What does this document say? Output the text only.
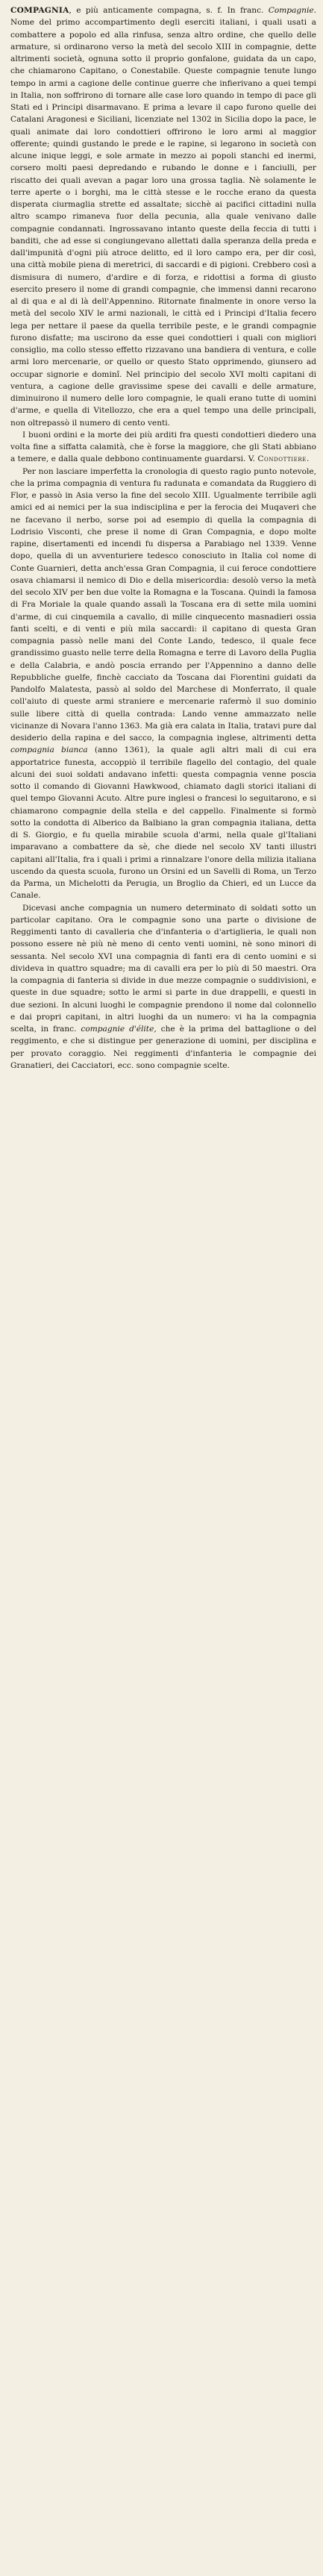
COMPAGNIA, e più anticamente compagna, s. f. In franc. Compagnie. Nome del primo accompartimento degli eserciti italiani, i quali usati a combattere a popolo ed alla rinfusa, senza altro ordine, che quello delle armature, si ordinarono verso la metà del secolo XIII in compagnie, dette altrimenti società, ognuna sotto il proprio gonfalone, guidata da un capo, che chiamarono Capitano, o Conestabile. Queste compagnie tenute lungo tempo in armi a cagione delle continue guerre che infierivano a quei tempi in Italia, non soffrirono di tornare alle case loro quando in tempo di pace gli Stati ed i Principi disarmavano. E prima a levare il capo furono quelle dei Catalani Aragonesi e Siciliani, licenziate nel 1302 in Sicilia dopo la pace, le quali animate dai loro condottieri offrirono le loro armi al maggior offerente; quindi gustando le prede e le rapine, si legarono in società con alcune inique leggi, e sole armate in mezzo ai popoli stanchi ed inermi, corsero molti paesi depredando e rubando le donne e i fanciulli, per riscatto dei quali avevan a pagar loro una grossa taglia. Nè solamente le terre aperte o i borghi, ma le città stesse e le rocche erano da questa disperata ciurmaglia strette ed assaltate; sicchè ai pacifici cittadini nulla altro scampo rimaneva fuor della pecunia, alla quale venivano dalle compagnie condannati. Ingrossavano intanto queste della feccia di tutti i banditi, che ad esse si congiungevano allettati dalla speranza della preda e dall'impunità d'ogni più atroce delitto, ed il loro campo era, per dir così, una città mobile piena di meretrici, di saccardi e di pigioni. Crebbero così a dismisura di numero, d'ardire e di forza, e ridottisi a forma di giusto esercito presero il nome di grandi compagnie, che immensi danni recarono al di qua e al di là dell'Appennino. Ritornate finalmente in onore verso la metà del secolo XIV le armi nazionali, le città ed i Principi d'Italia fecero lega per nettare il paese da quella terribile peste, e le grandi compagnie furono disfatte; ma uscirono da esse quei condottieri i quali con migliori consiglio, ma collo stesso effetto rizzavano una bandiera di ventura, e colle armi loro mercenarie, or quello or questo Stato opprimendo, giunsero ad occupar signorie e dominî. Nel principio del secolo XVI molti capitani di ventura, a cagione delle gravissime spese dei cavalli e delle armature, diminuirono il numero delle loro compagnie, le quali erano tutte di uomini d'arme, e quella di Vitellozzo, che era a quel tempo una delle principali, non oltrepassò il numero di cento venti.

I buoni ordini e la morte dei più arditi fra questi condottieri diedero una volta fine a siffatta calamità, che è forse la maggiore, che gli Stati abbiano a temere, e dalla quale debbono continuamente guardarsi. V. Condottiere.

Per non lasciare imperfetta la cronologia di questo ragio punto notevole, che la prima compagnia di ventura fu radunata e comandata da Ruggiero di Flor, e passò in Asia verso la fine del secolo XIII. Ugualmente terribile agli amici ed ai nemici per la sua indisciplina e per la ferocia dei Muqaveri che ne facevano il nerbo, sorse poi ad esempio di quella la compagnia di Lodrisio Visconti, che prese il nome di Gran Compagnia, e dopo molte rapine, disertamenti ed incendi fu dispersa a Parabiago nel 1339. Venne dopo, quella di un avventuriere tedesco conosciuto in Italia col nome di Conte Guarnieri, detta anch'essa Gran Compagnia, il cui feroce condottiere osava chiamarsi il nemico di Dio e della misericordia: desolò verso la metà del secolo XIV per ben due volte la Romagna e la Toscana. Quindi la famosa di Fra Moriale la quale quando assalì la Toscana era di sette mila uomini d'arme, di cui cinquemila a cavallo, di mille cinquecento masnadieri ossia fanti scelti, e di venti e più mila saccardi: il capitano di questa Gran compagnia passò nelle mani del Conte Lando, tedesco, il quale fece grandissimo guasto nelle terre della Romagna e terre di Lavoro della Puglia e della Calabria, e andò poscia errando per l'Appennino a danno delle Repubbliche guelfe, finchè cacciato da Toscana dai Fiorentini guidati da Pandolfo Malatesta, passò al soldo del Marchese di Monferrato, il quale coll'aiuto di queste armi straniere e mercenarie rafermò il suo dominio sulle libere città di quella contrada: Lando venne ammazzato nelle vicinanze di Novara l'anno 1363. Ma già era calata in Italia, tratavi pure dal desiderio della rapina e del sacco, la compagnia inglese, altrimenti detta compagnia bianca (anno 1361), la quale agli altri mali di cui era apportatrice funesta, accoppiò il terribile flagello del contagio, del quale alcuni dei suoi soldati andavano infetti: questa compagnia venne poscia sotto il comando di Giovanni Hawkwood, chiamato dagli storici italiani di quel tempo Giovanni Acuto. Altre pure inglesi o francesi lo seguitarono, e si chiamarono compagnie della stella e del cappello. Finalmente si formò sotto la condotta di Alberico da Balbiano la gran compagnia italiana, detta di S. Giorgio, e fu quella mirabile scuola d'armi, nella quale gl'Italiani imparavano a combattere da sè, che diede nel secolo XV tanti illustri capitani all'Italia, fra i quali i primi a rinnalzare l'onore della milizia italiana uscendo da questa scuola, furono un Orsini ed un Savelli di Roma, un Terzo da Parma, un Michelotti da Perugia, un Broglio da Chieri, ed un Lucce da Canale.

Dicevasi anche compagnia un numero determinato di soldati sotto un particolar capitano. Ora le compagnie sono una parte o divisione de Reggimenti tanto di cavalleria che d'infanteria o d'artiglieria, le quali non possono essere nè più nè meno di cento venti uomini, nè sono minori di sessanta. Nel secolo XVI una compagnia di fanti era di cento uomini e si divideva in quattro squadre; ma di cavalli era per lo più di 50 maestri. Ora la compagnia di fanteria si divide in due mezze compagnie o suddivisioni, e queste in due squadre; sotto le armi si parte in due drappelli, e questi in due sezioni. In alcuni luoghi le compagnie prendono il nome dal colonnello e dai propri capitani, in altri luoghi da un numero: vi ha la compagnia scelta, in franc. compagnie d'élite, che è la prima del battaglione o del reggimento, e che si distingue per generazione di uomini, per disciplina e per provato coraggio. Nei reggimenti d'infanteria le compagnie dei Granatieri, dei Cacciatori, ecc. sono compagnie scelte.
